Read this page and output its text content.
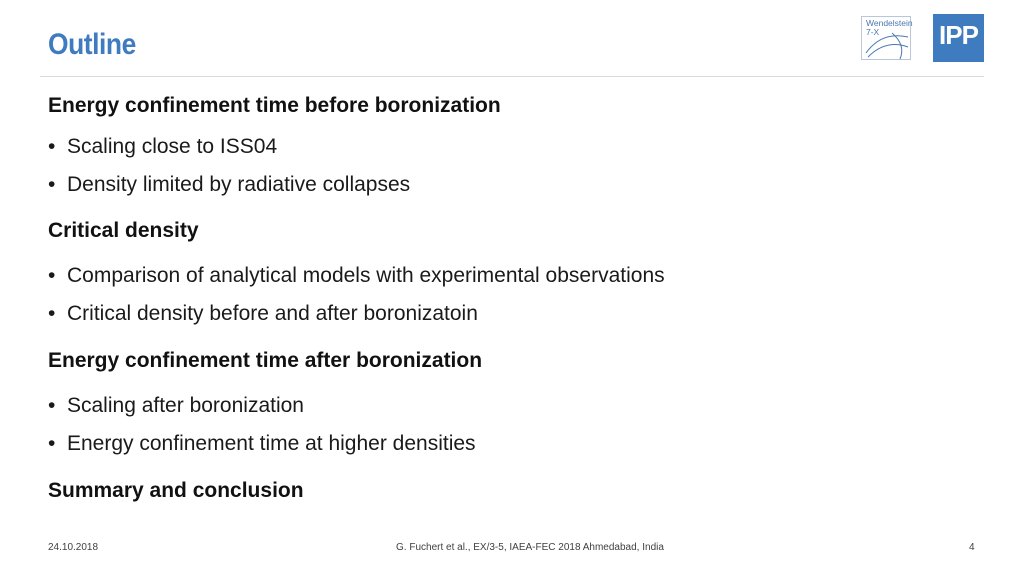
Outline
Wendelstein
7-X	IPP
Energy confinement time before boronization
• Scaling close to ISS04
• Density limited by radiative collapses
Critical density
• Comparison of analytical models with experimental observations
• Critical density before and after boronizatoin
Energy confinement time after boronization
• Scaling after boronization
• Energy confinement time at higher densities
Summary and conclusion
24.10.2018	G. Fuchert et al., EX/3-5, IAEA-FEC 2018 Ahmedabad, India	4
